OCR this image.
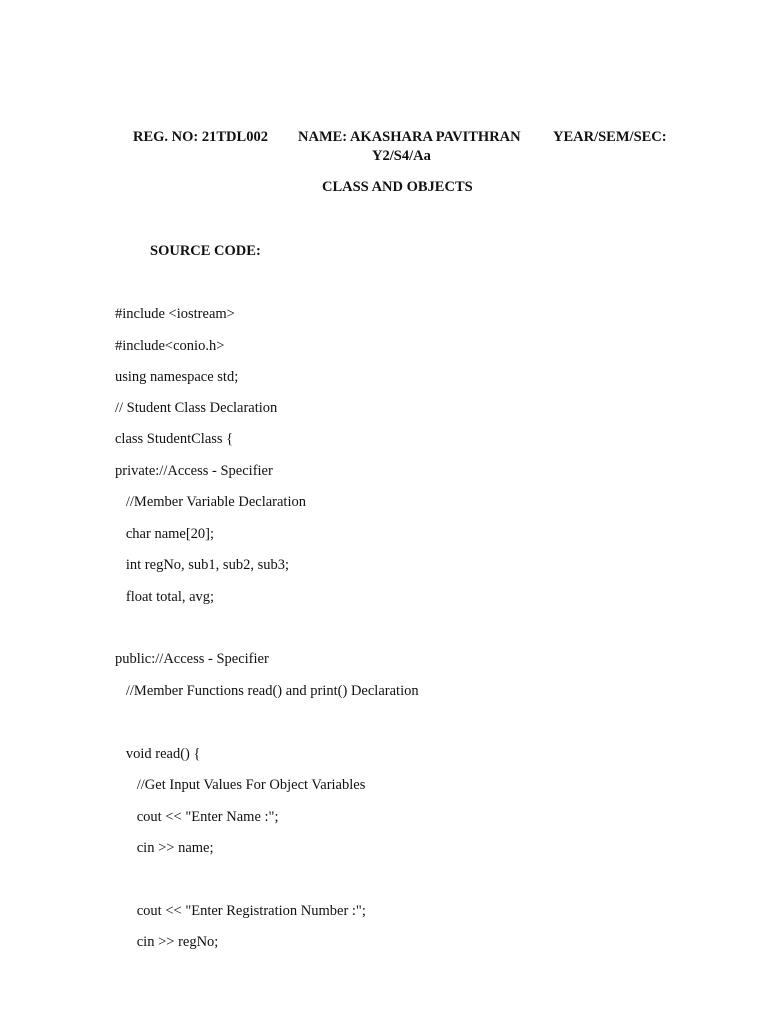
REG. NO: 21TDL002 NAME: AKASHARA PAVITHRAN YEAR/SEM/SEC:
Y2/S4/Aa
CLASS AND OBJECTS
SOURCE CODE:
#include <iostream>
#include<conio.h>
using namespace std;
// Student Class Declaration
class StudentClass {
private://Access - Specifier
//Member Variable Declaration
char name[20];
int regNo, sub1, sub2, sub3;
float total, avg;
public://Access - Specifier
//Member Functions read() and print() Declaration
void read() {
//Get Input Values For Object Variables
cout << "Enter Name :";
cin >> name;
cout << "Enter Registration Number :";
cin >> regNo;
